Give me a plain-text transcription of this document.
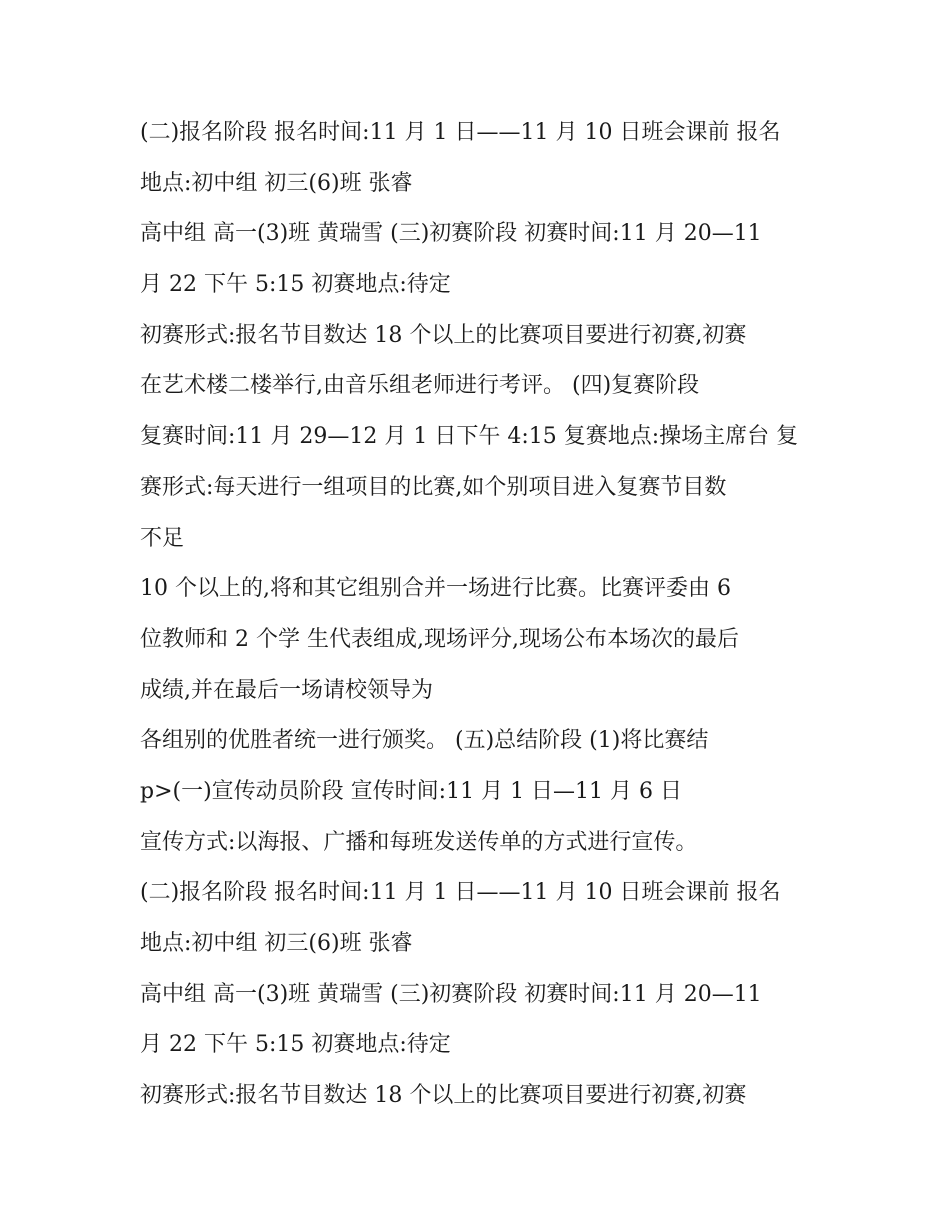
(二)报名阶段 报名时间:11 月 1 日——11 月 10 日班会课前 报名
地点:初中组 初三(6)班 张睿
高中组 高一(3)班 黄瑞雪 (三)初赛阶段 初赛时间:11 月 20—11
月 22 下午 5:15 初赛地点:待定
初赛形式:报名节目数达 18 个以上的比赛项目要进行初赛,初赛
在艺术楼二楼举行,由音乐组老师进行考评。 (四)复赛阶段
复赛时间:11 月 29—12 月 1 日下午 4:15 复赛地点:操场主席台 复
赛形式:每天进行一组项目的比赛,如个别项目进入复赛节目数
不足
10 个以上的,将和其它组别合并一场进行比赛。比赛评委由 6
位教师和 2 个学 生代表组成,现场评分,现场公布本场次的最后
成绩,并在最后一场请校领导为
各组别的优胜者统一进行颁奖。 (五)总结阶段 (1)将比赛结
p>(一)宣传动员阶段 宣传时间:11 月 1 日—11 月 6 日
宣传方式:以海报、广播和每班发送传单的方式进行宣传。
(二)报名阶段 报名时间:11 月 1 日——11 月 10 日班会课前 报名
地点:初中组 初三(6)班 张睿
高中组 高一(3)班 黄瑞雪 (三)初赛阶段 初赛时间:11 月 20—11
月 22 下午 5:15 初赛地点:待定
初赛形式:报名节目数达 18 个以上的比赛项目要进行初赛,初赛
